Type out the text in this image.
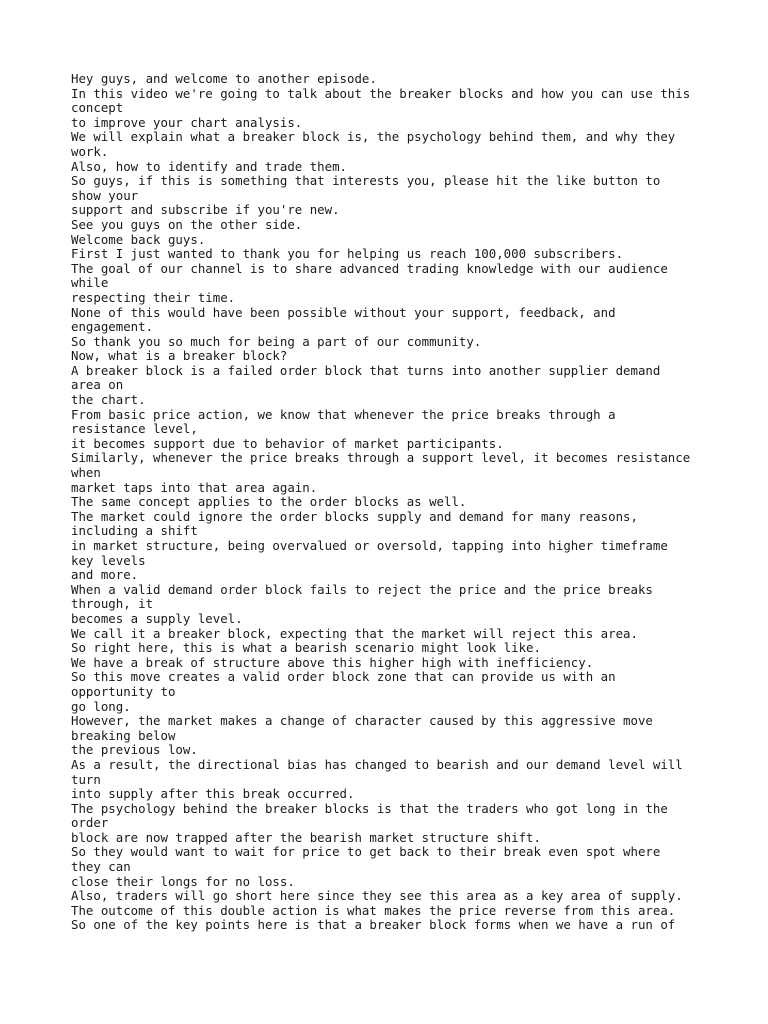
Hey guys, and welcome to another episode.
In this video we're going to talk about the breaker blocks and how you can use this
concept
to improve your chart analysis.
We will explain what a breaker block is, the psychology behind them, and why they
work.
Also, how to identify and trade them.
So guys, if this is something that interests you, please hit the like button to
show your
support and subscribe if you're new.
See you guys on the other side.
Welcome back guys.
First I just wanted to thank you for helping us reach 100,000 subscribers.
The goal of our channel is to share advanced trading knowledge with our audience
while
respecting their time.
None of this would have been possible without your support, feedback, and
engagement.
So thank you so much for being a part of our community.
Now, what is a breaker block?
A breaker block is a failed order block that turns into another supplier demand
area on
the chart.
From basic price action, we know that whenever the price breaks through a
resistance level,
it becomes support due to behavior of market participants.
Similarly, whenever the price breaks through a support level, it becomes resistance
when
market taps into that area again.
The same concept applies to the order blocks as well.
The market could ignore the order blocks supply and demand for many reasons,
including a shift
in market structure, being overvalued or oversold, tapping into higher timeframe
key levels
and more.
When a valid demand order block fails to reject the price and the price breaks
through, it
becomes a supply level.
We call it a breaker block, expecting that the market will reject this area.
So right here, this is what a bearish scenario might look like.
We have a break of structure above this higher high with inefficiency.
So this move creates a valid order block zone that can provide us with an
opportunity to
go long.
However, the market makes a change of character caused by this aggressive move
breaking below
the previous low.
As a result, the directional bias has changed to bearish and our demand level will
turn
into supply after this break occurred.
The psychology behind the breaker blocks is that the traders who got long in the
order
block are now trapped after the bearish market structure shift.
So they would want to wait for price to get back to their break even spot where
they can
close their longs for no loss.
Also, traders will go short here since they see this area as a key area of supply.
The outcome of this double action is what makes the price reverse from this area.
So one of the key points here is that a breaker block forms when we have a run of
